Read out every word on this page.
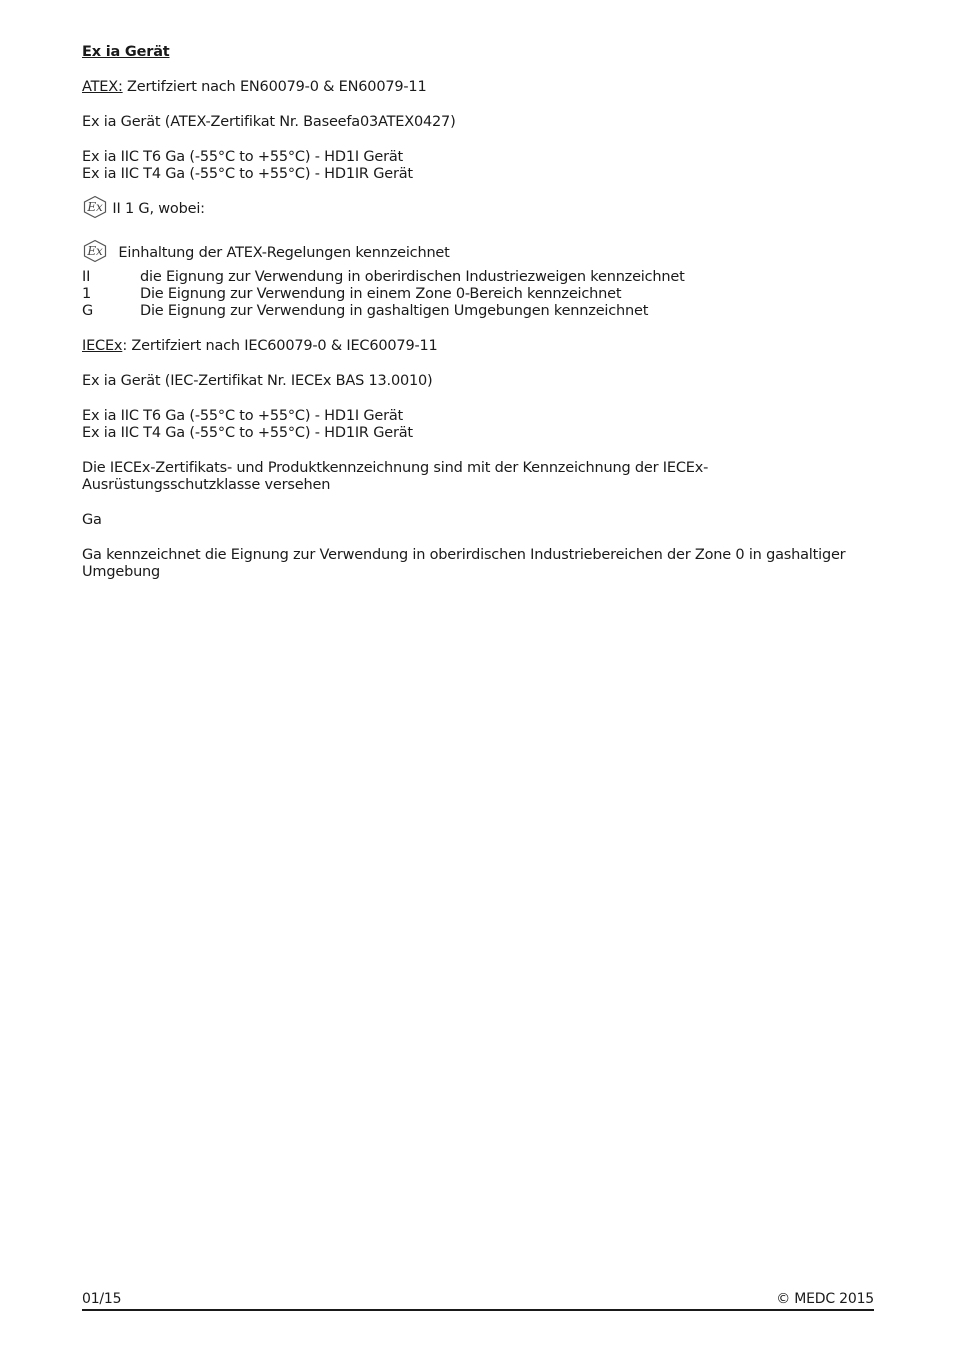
Ex ia Gerät
ATEX: Zertifziert nach EN60079-0 & EN60079-11
Ex ia Gerät (ATEX-Zertifikat Nr. Baseefa03ATEX0427)
Ex ia IIC T6 Ga (-55°C to +55°C) - HD1I Gerät
Ex ia IIC T4 Ga (-55°C to +55°C) - HD1IR Gerät
Ex II 1 G, wobei:
Ex Einhaltung der ATEX-Regelungen kennzeichnet
II	die Eignung zur Verwendung in oberirdischen Industriezweigen kennzeichnet
1	Die Eignung zur Verwendung in einem Zone 0-Bereich kennzeichnet
G	Die Eignung zur Verwendung in gashaltigen Umgebungen kennzeichnet
IECEx: Zertifziert nach IEC60079-0 & IEC60079-11
Ex ia Gerät (IEC-Zertifikat Nr. IECEx BAS 13.0010)
Ex ia IIC T6 Ga (-55°C to +55°C) - HD1I Gerät
Ex ia IIC T4 Ga (-55°C to +55°C) - HD1IR Gerät
Die IECEx-Zertifikats- und Produktkennzeichnung sind mit der Kennzeichnung der IECEx-
Ausrüstungsschutzklasse versehen
Ga
Ga kennzeichnet die Eignung zur Verwendung in oberirdischen Industriebereichen der Zone 0 in gashaltiger
Umgebung
01/15	© MEDC 2015
